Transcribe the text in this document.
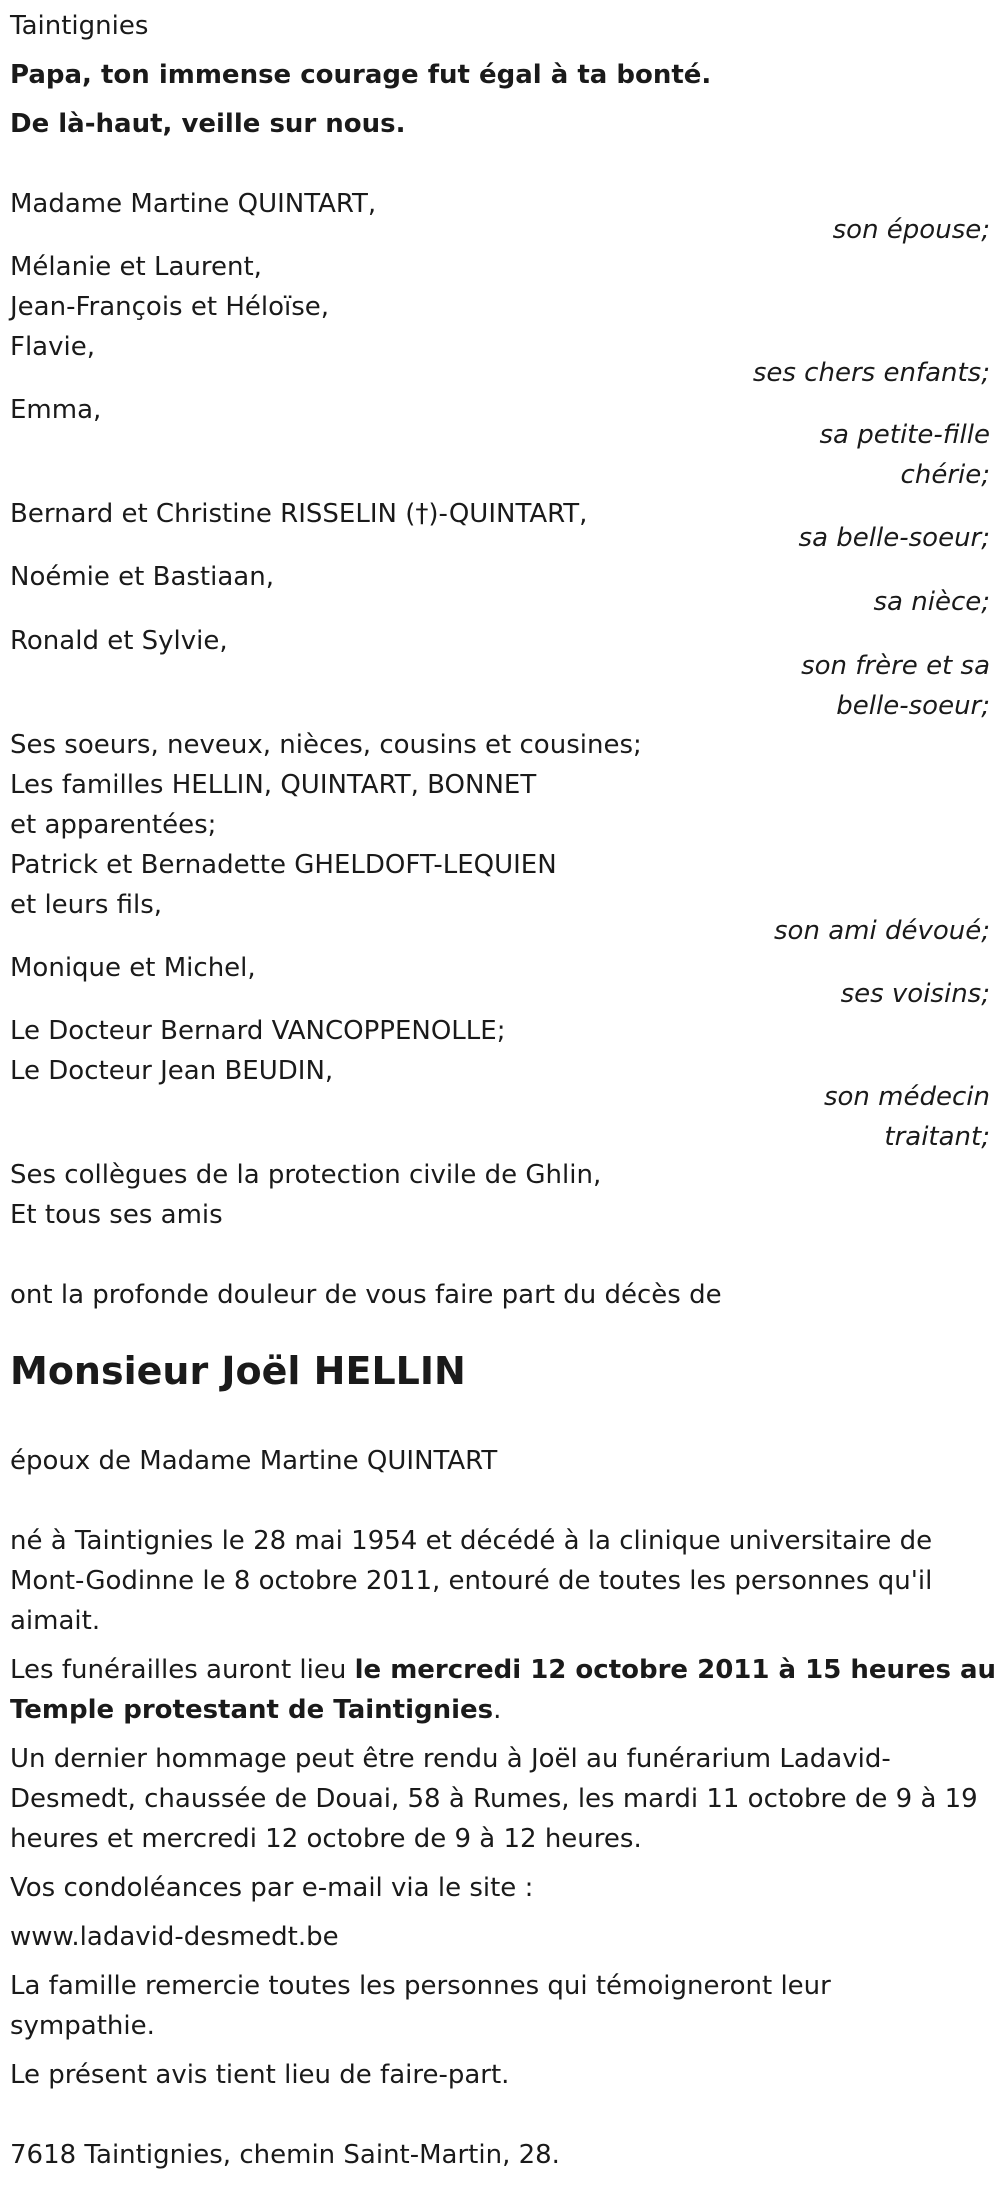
Taintignies
Papa, ton immense courage fut égal à ta bonté.
De là-haut, veille sur nous.
Madame Martine QUINTART,
son épouse;
Mélanie et Laurent,
Jean-François et Héloïse,
Flavie,
ses chers enfants;
Emma,
sa petite-fille
chérie;
Bernard et Christine RISSELIN (†)-QUINTART,
sa belle-soeur;
Noémie et Bastiaan,
sa nièce;
Ronald et Sylvie,
son frère et sa
belle-soeur;
Ses soeurs, neveux, nièces, cousins et cousines;
Les familles HELLIN, QUINTART, BONNET
et apparentées;
Patrick et Bernadette GHELDOFT-LEQUIEN
et leurs fils,
son ami dévoué;
Monique et Michel,
ses voisins;
Le Docteur Bernard VANCOPPENOLLE;
Le Docteur Jean BEUDIN,
son médecin
traitant;
Ses collègues de la protection civile de Ghlin,
Et tous ses amis
ont la profonde douleur de vous faire part du décès de
Monsieur Joël HELLIN
époux de Madame Martine QUINTART
né à Taintignies le 28 mai 1954 et décédé à la clinique universitaire de
Mont-Godinne le 8 octobre 2011, entouré de toutes les personnes qu'il
aimait.
Les funérailles auront lieu le mercredi 12 octobre 2011 à 15 heures au
Temple protestant de Taintignies.
Un dernier hommage peut être rendu à Joël au funérarium Ladavid-
Desmedt, chaussée de Douai, 58 à Rumes, les mardi 11 octobre de 9 à 19
heures et mercredi 12 octobre de 9 à 12 heures.
Vos condoléances par e-mail via le site :
www.ladavid-desmedt.be
La famille remercie toutes les personnes qui témoigneront leur
sympathie.
Le présent avis tient lieu de faire-part.
7618 Taintignies, chemin Saint-Martin, 28.
